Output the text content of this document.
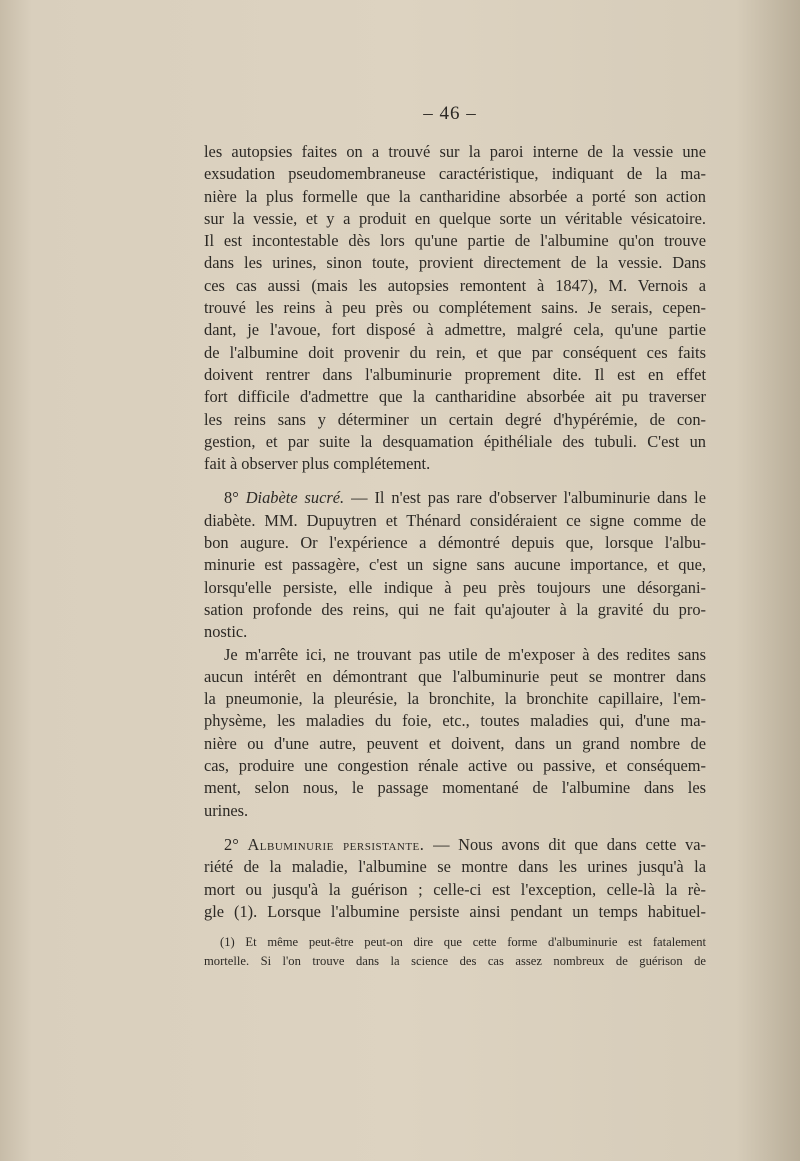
– 46 –
les autopsies faites on a trouvé sur la paroi interne de la vessie une
exsudation pseudomembraneuse caractéristique, indiquant de la ma-
nière la plus formelle que la cantharidine absorbée a porté son action
sur la vessie, et y a produit en quelque sorte un véritable vésicatoire.
Il est incontestable dès lors qu'une partie de l'albumine qu'on trouve
dans les urines, sinon toute, provient directement de la vessie. Dans
ces cas aussi (mais les autopsies remontent à 1847), M. Vernois a
trouvé les reins à peu près ou complétement sains. Je serais, cepen-
dant, je l'avoue, fort disposé à admettre, malgré cela, qu'une partie
de l'albumine doit provenir du rein, et que par conséquent ces faits
doivent rentrer dans l'albuminurie proprement dite. Il est en effet
fort difficile d'admettre que la cantharidine absorbée ait pu traverser
les reins sans y déterminer un certain degré d'hypérémie, de con-
gestion, et par suite la desquamation épithéliale des tubuli. C'est un
fait à observer plus complétement.
8° Diabète sucré. — Il n'est pas rare d'observer l'albuminurie dans le
diabète. MM. Dupuytren et Thénard considéraient ce signe comme de
bon augure. Or l'expérience a démontré depuis que, lorsque l'albu-
minurie est passagère, c'est un signe sans aucune importance, et que,
lorsqu'elle persiste, elle indique à peu près toujours une désorgani-
sation profonde des reins, qui ne fait qu'ajouter à la gravité du pro-
nostic.
Je m'arrête ici, ne trouvant pas utile de m'exposer à des redites sans
aucun intérêt en démontrant que l'albuminurie peut se montrer dans
la pneumonie, la pleurésie, la bronchite, la bronchite capillaire, l'em-
physème, les maladies du foie, etc., toutes maladies qui, d'une ma-
nière ou d'une autre, peuvent et doivent, dans un grand nombre de
cas, produire une congestion rénale active ou passive, et conséquem-
ment, selon nous, le passage momentané de l'albumine dans les
urines.
2° Albuminurie persistante. — Nous avons dit que dans cette va-
riété de la maladie, l'albumine se montre dans les urines jusqu'à la
mort ou jusqu'à la guérison ; celle-ci est l'exception, celle-là la rè-
gle (1). Lorsque l'albumine persiste ainsi pendant un temps habituel-
(1) Et même peut-être peut-on dire que cette forme d'albuminurie est fatalement
mortelle. Si l'on trouve dans la science des cas assez nombreux de guérison de
